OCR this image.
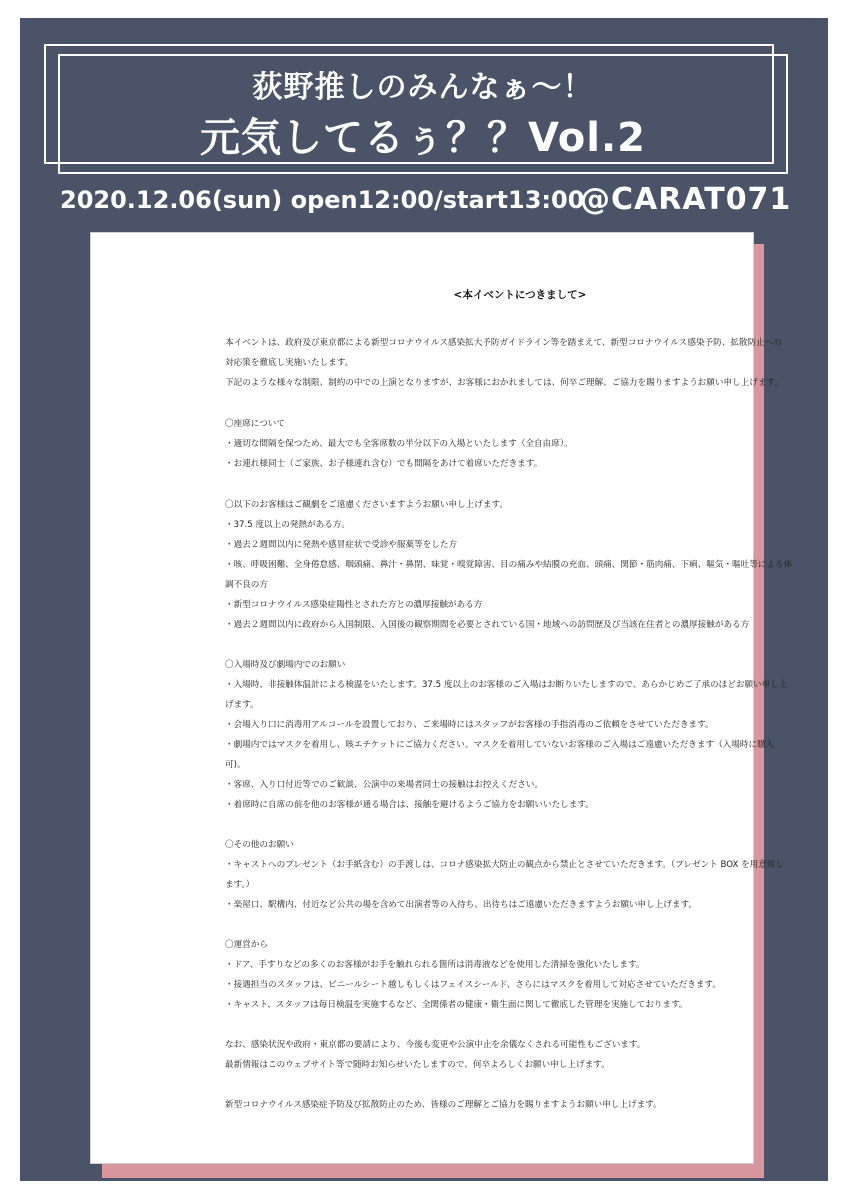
荻野推しのみんなぁ～！
元気してるぅ？？Vol.2
2020.12.06(sun) open12:00/start13:00
@CARAT071
<本イベントにつきまして>
本イベントは、政府及び東京都による新型コロナウイルス感染拡大予防ガイドライン等を踏まえて、新型コロナウイルス感染予防、拡散防止への
対応策を徹底し実施いたします。
下記のような様々な制限、制約の中での上演となりますが、お客様におかれましては、何卒ご理解、ご協力を賜りますようお願い申し上げます。
〇座席について
・適切な間隔を保つため、最大でも全客席数の半分以下の入場といたします（全自由席）。
・お連れ様同士（ご家族、お子様連れ含む）でも間隔をあけて着席いただきます。
〇以下のお客様はご観劇をご遠慮くださいますようお願い申し上げます。
・37.5 度以上の発熱がある方。
・過去２週間以内に発熱や感冒症状で受診や服薬等をした方
・咳、呼吸困難、全身倦怠感、咽頭痛、鼻汁・鼻閉、味覚・嗅覚障害、目の痛みや結膜の充血、頭痛、関節・筋肉痛、下痢、嘔気・嘔吐等による体
調不良の方
・新型コロナウイルス感染症陽性とされた方との濃厚接触がある方
・過去２週間以内に政府から入国制限、入国後の観察期間を必要とされている国・地域への訪問歴及び当該在住者との濃厚接触がある方
〇入場時及び劇場内でのお願い
・入場時、非接触体温計による検温をいたします。37.5 度以上のお客様のご入場はお断りいたしますので、あらかじめご了承のほどお願い申し上
げます。
・会場入り口に消毒用アルコールを設置しており、ご来場時にはスタッフがお客様の手指消毒のご依頼をさせていただきます。
・劇場内ではマスクを着用し、咳エチケットにご協力ください。マスクを着用していないお客様のご入場はご遠慮いただきます（入場時に購入
可)。
・客席、入り口付近等でのご歓談、公演中の来場者同士の接触はお控えください。
・着席時に自席の前を他のお客様が通る場合は、接触を避けるようご協力をお願いいたします。
〇その他のお願い
・キャストへのプレゼント（お手紙含む）の手渡しは、コロナ感染拡大防止の観点から禁止とさせていただきます。（プレゼント BOX を用意致し
ます。）
・楽屋口、駅構内、付近など公共の場を含めて出演者等の入待ち、出待ちはご遠慮いただきますようお願い申し上げます。
〇運営から
・ドア、手すりなどの多くのお客様がお手を触れられる箇所は消毒液などを使用した清掃を強化いたします。
・接遇担当のスタッフは、ビニールシート越しもしくはフェイスシールド、さらにはマスクを着用して対応させていただきます。
・キャスト、スタッフは毎日検温を実施するなど、全関係者の健康・衛生面に関して徹底した管理を実施しております。
なお、感染状況や政府・東京都の要請により、今後も変更や公演中止を余儀なくされる可能性もございます。
最新情報はこのウェブサイト等で随時お知らせいたしますので、何卒よろしくお願い申し上げます。
新型コロナウイルス感染症予防及び拡散防止のため、皆様のご理解とご協力を賜りますようお願い申し上げます。
